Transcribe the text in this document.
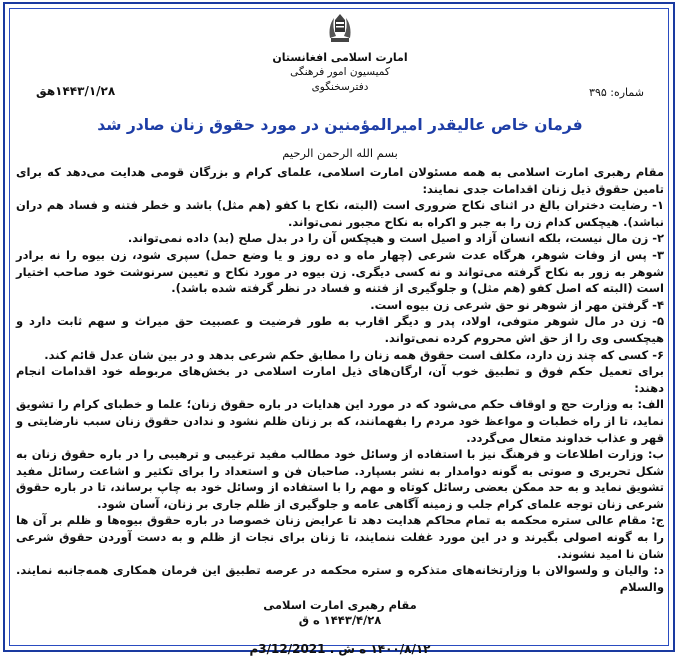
امارت اسلامی افغانستان
کمیسیون امور فرهنگی
دفترسخنگوی	شماره: ۳۹۵
۱۴۴۳/۱/۲۸هق
فرمان خاص عالیقدر امیرالمؤمنین در مورد حقوق زنان صادر شد
بسم الله الرحمن الرحیم

مقام رهبری امارت اسلامی به همه مسئولان امارت اسلامی، علمای کرام و بزرگان قومی هدایت می‌دهد که برای تامین حقوق ذیل زنان اقدامات جدی نمایند:

۱- رضایت دختران بالغ در اثنای نکاح ضروری است (البته، نکاح با کفو (هم مثل) باشد و خطر فتنه و فساد هم دران نباشد). هیچکس کدام زن را به جبر و اکراه به نکاح مجبور نمی‌تواند.

۲- زن مال نیست، بلکه انسان آزاد و اصیل است و هیچکس آن را در بدل صلح (بد) داده نمی‌تواند.

۳- پس از وفات شوهر، هرگاه عدت شرعی (چهار ماه و ده روز و یا وضع حمل) سپری شود، زن بیوه را نه برادر شوهر به زور به نکاح گرفته می‌تواند و نه کسی دیگری. زن بیوه در مورد نکاح و تعیین سرنوشت خود صاحب اختیار است (البته که اصل کفو (هم مثل) و جلوگیری از فتنه و فساد در نظر گرفته شده باشد).

۴- گرفتن مهر از شوهر نو حق شرعی زن بیوه است.

۵- زن در مال شوهر متوفی، اولاد، پدر و دیگر اقارب به طور فرضیت و عصبیت حق میراث و سهم ثابت دارد و هیچکسی وی را از حق اش محروم کرده نمی‌تواند.

۶- کسی که چند زن دارد، مکلف است حقوق همه زنان را مطابق حکم شرعی بدهد و در بین شان عدل قائم کند.

برای تعمیل حکم فوق و تطبیق خوب آن، ارگان‌های ذیل امارت اسلامی در بخش‌های مربوطه خود اقدامات انجام دهند:

الف: به وزارت حج و اوقاف حکم می‌شود که در مورد این هدایات در باره حقوق زنان؛ علما و خطبای کرام را تشویق نماید، تا از راه خطبات و مواعظ خود مردم را بفهمانند، که بر زنان ظلم نشود و ندادن حقوق زنان سبب نارضایتی و قهر و عذاب خداوند متعال می‌گردد.

ب: وزارت اطلاعات و فرهنگ نیز با استفاده از وسائل خود مطالب مفید ترغیبی و ترهیبی را در باره حقوق زنان به شکل تحریری و صوتی به گونه دوامدار به نشر بسپارد. صاحبان فن و استعداد را برای تکثیر و اشاعت رسائل مفید تشویق نماید و به حد ممکن بعضی رسائل کوتاه و مهم را با استفاده از وسائل خود به چاپ برساند، تا در باره حقوق شرعی زنان توجه علمای کرام جلب و زمینه آگاهی عامه و جلوگیری از ظلم جاری بر زنان، آسان شود.

ج: مقام عالی ستره محکمه به تمام محاکم هدایت دهد تا عرایض زنان خصوصا در باره حقوق بیوه‌ها و ظلم بر آن ها را به گونه اصولی بگیرند و در این مورد غفلت ننمایند، تا زنان برای نجات از ظلم و به دست آوردن حقوق شرعی شان نا امید نشوند.

د: والیان و ولسوالان با وزارتخانه‌های متذکره و ستره محکمه در عرصه تطبیق این فرمان همکاری همه‌جانبه نمایند. والسلام

مقام رهبری امارت اسلامی
۱۴۴۳/۴/۲۸ ه ق
۱۴۰۰/۸/۱۲ ه ش . 3/12/2021م
